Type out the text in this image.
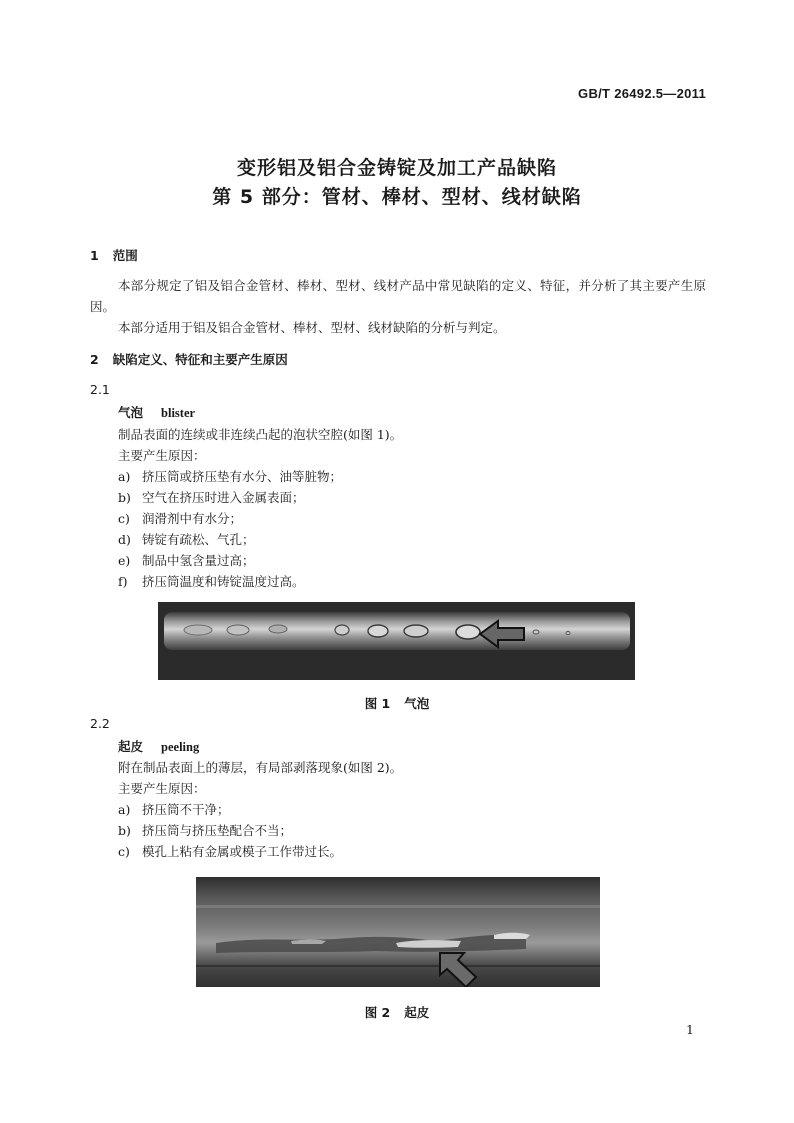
GB/T 26492.5—2011
变形铝及铝合金铸锭及加工产品缺陷
第 5 部分：管材、棒材、型材、线材缺陷
1 范围
本部分规定了铝及铝合金管材、棒材、型材、线材产品中常见缺陷的定义、特征，并分析了其主要产生原因。
本部分适用于铝及铝合金管材、棒材、型材、线材缺陷的分析与判定。
2 缺陷定义、特征和主要产生原因
2.1
气泡 blister
制品表面的连续或非连续凸起的泡状空腔(如图 1)。
主要产生原因：
a) 挤压筒或挤压垫有水分、油等脏物；
b) 空气在挤压时进入金属表面；
c) 润滑剂中有水分；
d) 铸锭有疏松、气孔；
e) 制品中氢含量过高；
f) 挤压筒温度和铸锭温度过高。
图 1 气泡
2.2
起皮 peeling
附在制品表面上的薄层，有局部剥落现象(如图 2)。
主要产生原因：
a) 挤压筒不干净；
b) 挤压筒与挤压垫配合不当；
c) 模孔上粘有金属或模子工作带过长。
图 2 起皮
1
